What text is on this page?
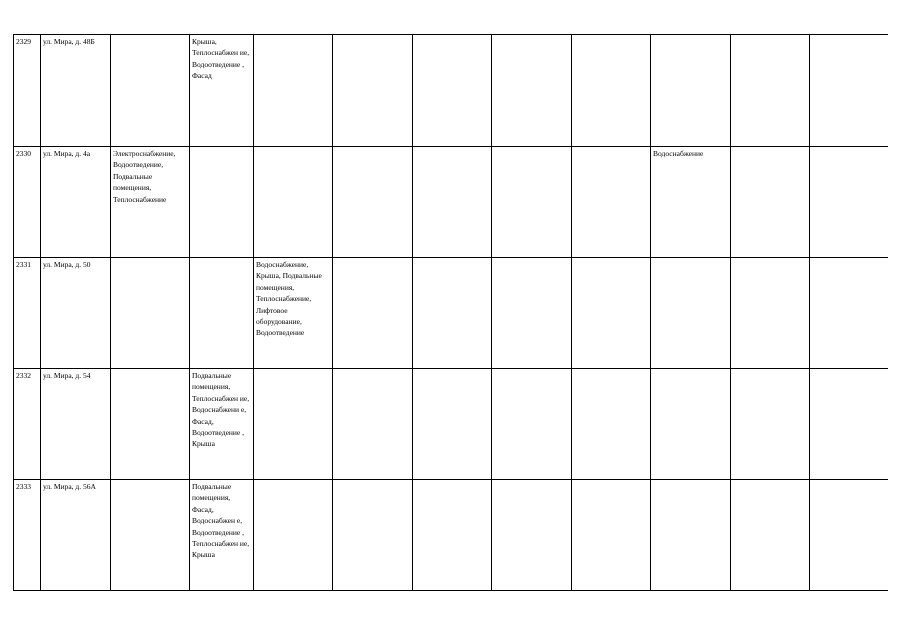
2329	ул. Мира, д. 48Б		Крыша, Теплоснабжен ие, Водоотведение , Фасад								

2330	ул. Мира, д. 4а	Электроснабжение, Водоотведение, Подвальные помещения, Теплоснабжение							Водоснабжение		

2331	ул. Мира, д. 50			Водоснабжение, Крыша, Подвальные помещения, Теплоснабжение, Лифтовое оборудование, Водоотведение							

2332	ул. Мира, д. 54		Подвальные помещения, Теплоснабжен ие, Водоснабжени е, Фасад, Водоотведение , Крыша								

2333	ул. Мира, д. 56А		Подвальные помещения, Фасад, Водоснабжен е, Водоотведение , Теплоснабжен ие, Крыша								
